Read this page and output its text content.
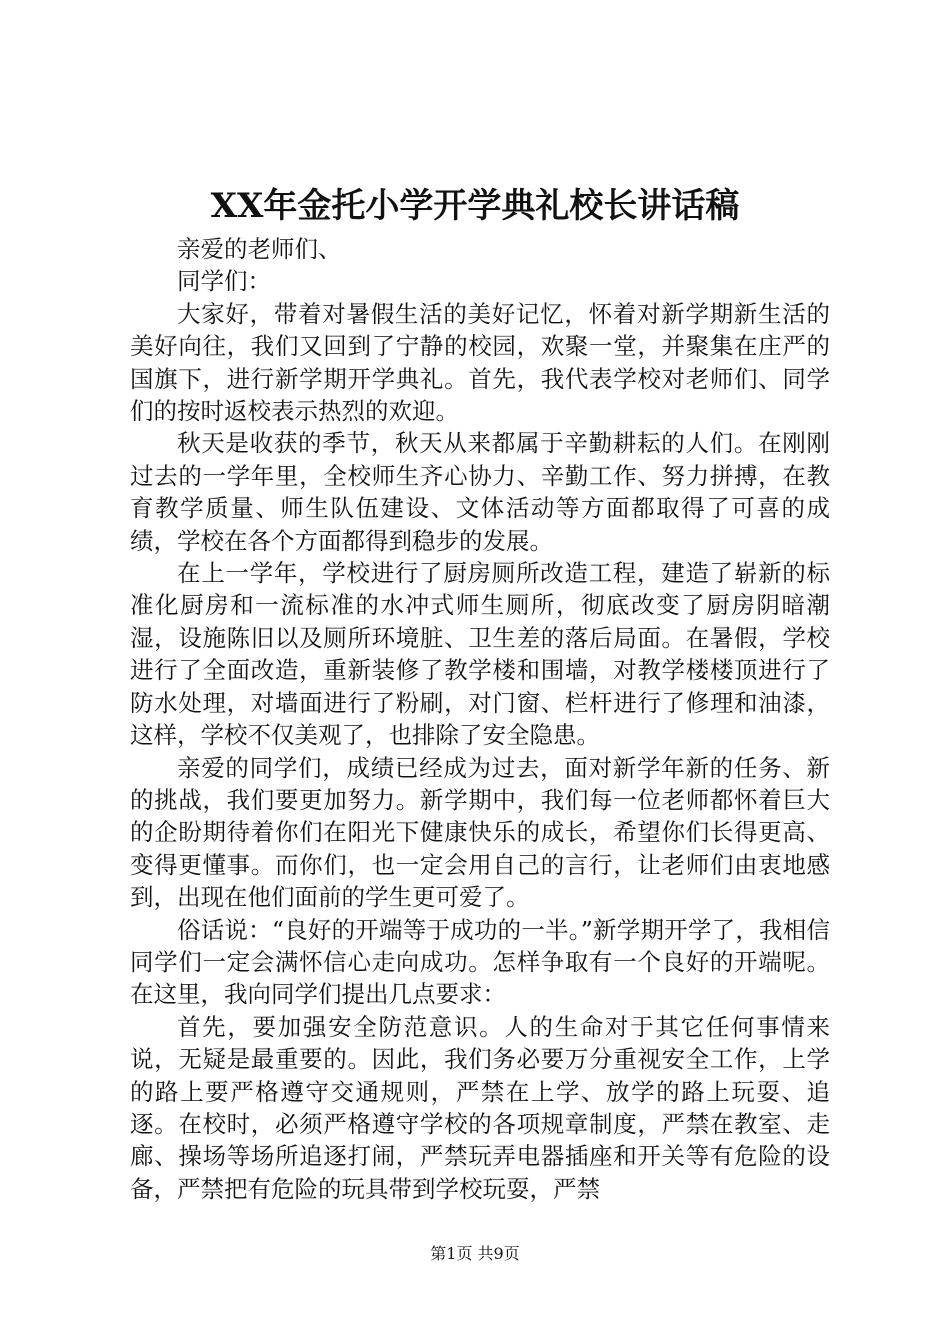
XX年金托小学开学典礼校长讲话稿

亲爱的老师们、

同学们：

大家好，带着对暑假生活的美好记忆，怀着对新学期新生活的美好向往，我们又回到了宁静的校园，欢聚一堂，并聚集在庄严的国旗下，进行新学期开学典礼。首先，我代表学校对老师们、同学们的按时返校表示热烈的欢迎。

秋天是收获的季节，秋天从来都属于辛勤耕耘的人们。在刚刚过去的一学年里，全校师生齐心协力、辛勤工作、努力拼搏，在教育教学质量、师生队伍建设、文体活动等方面都取得了可喜的成绩，学校在各个方面都得到稳步的发展。

在上一学年，学校进行了厨房厕所改造工程，建造了崭新的标准化厨房和一流标准的水冲式师生厕所，彻底改变了厨房阴暗潮湿，设施陈旧以及厕所环境脏、卫生差的落后局面。在暑假，学校进行了全面改造，重新装修了教学楼和围墙，对教学楼楼顶进行了防水处理，对墙面进行了粉刷，对门窗、栏杆进行了修理和油漆，这样，学校不仅美观了，也排除了安全隐患。

亲爱的同学们，成绩已经成为过去，面对新学年新的任务、新的挑战，我们要更加努力。新学期中，我们每一位老师都怀着巨大的企盼期待着你们在阳光下健康快乐的成长，希望你们长得更高、变得更懂事。而你们，也一定会用自己的言行，让老师们由衷地感到，出现在他们面前的学生更可爱了。

俗话说：“良好的开端等于成功的一半。”新学期开学了，我相信同学们一定会满怀信心走向成功。怎样争取有一个良好的开端呢。在这里，我向同学们提出几点要求：

首先，要加强安全防范意识。人的生命对于其它任何事情来说，无疑是最重要的。因此，我们务必要万分重视安全工作，上学的路上要严格遵守交通规则，严禁在上学、放学的路上玩耍、追逐。在校时，必须严格遵守学校的各项规章制度，严禁在教室、走廊、操场等场所追逐打闹，严禁玩弄电器插座和开关等有危险的设备，严禁把有危险的玩具带到学校玩耍，严禁

第1页 共9页
